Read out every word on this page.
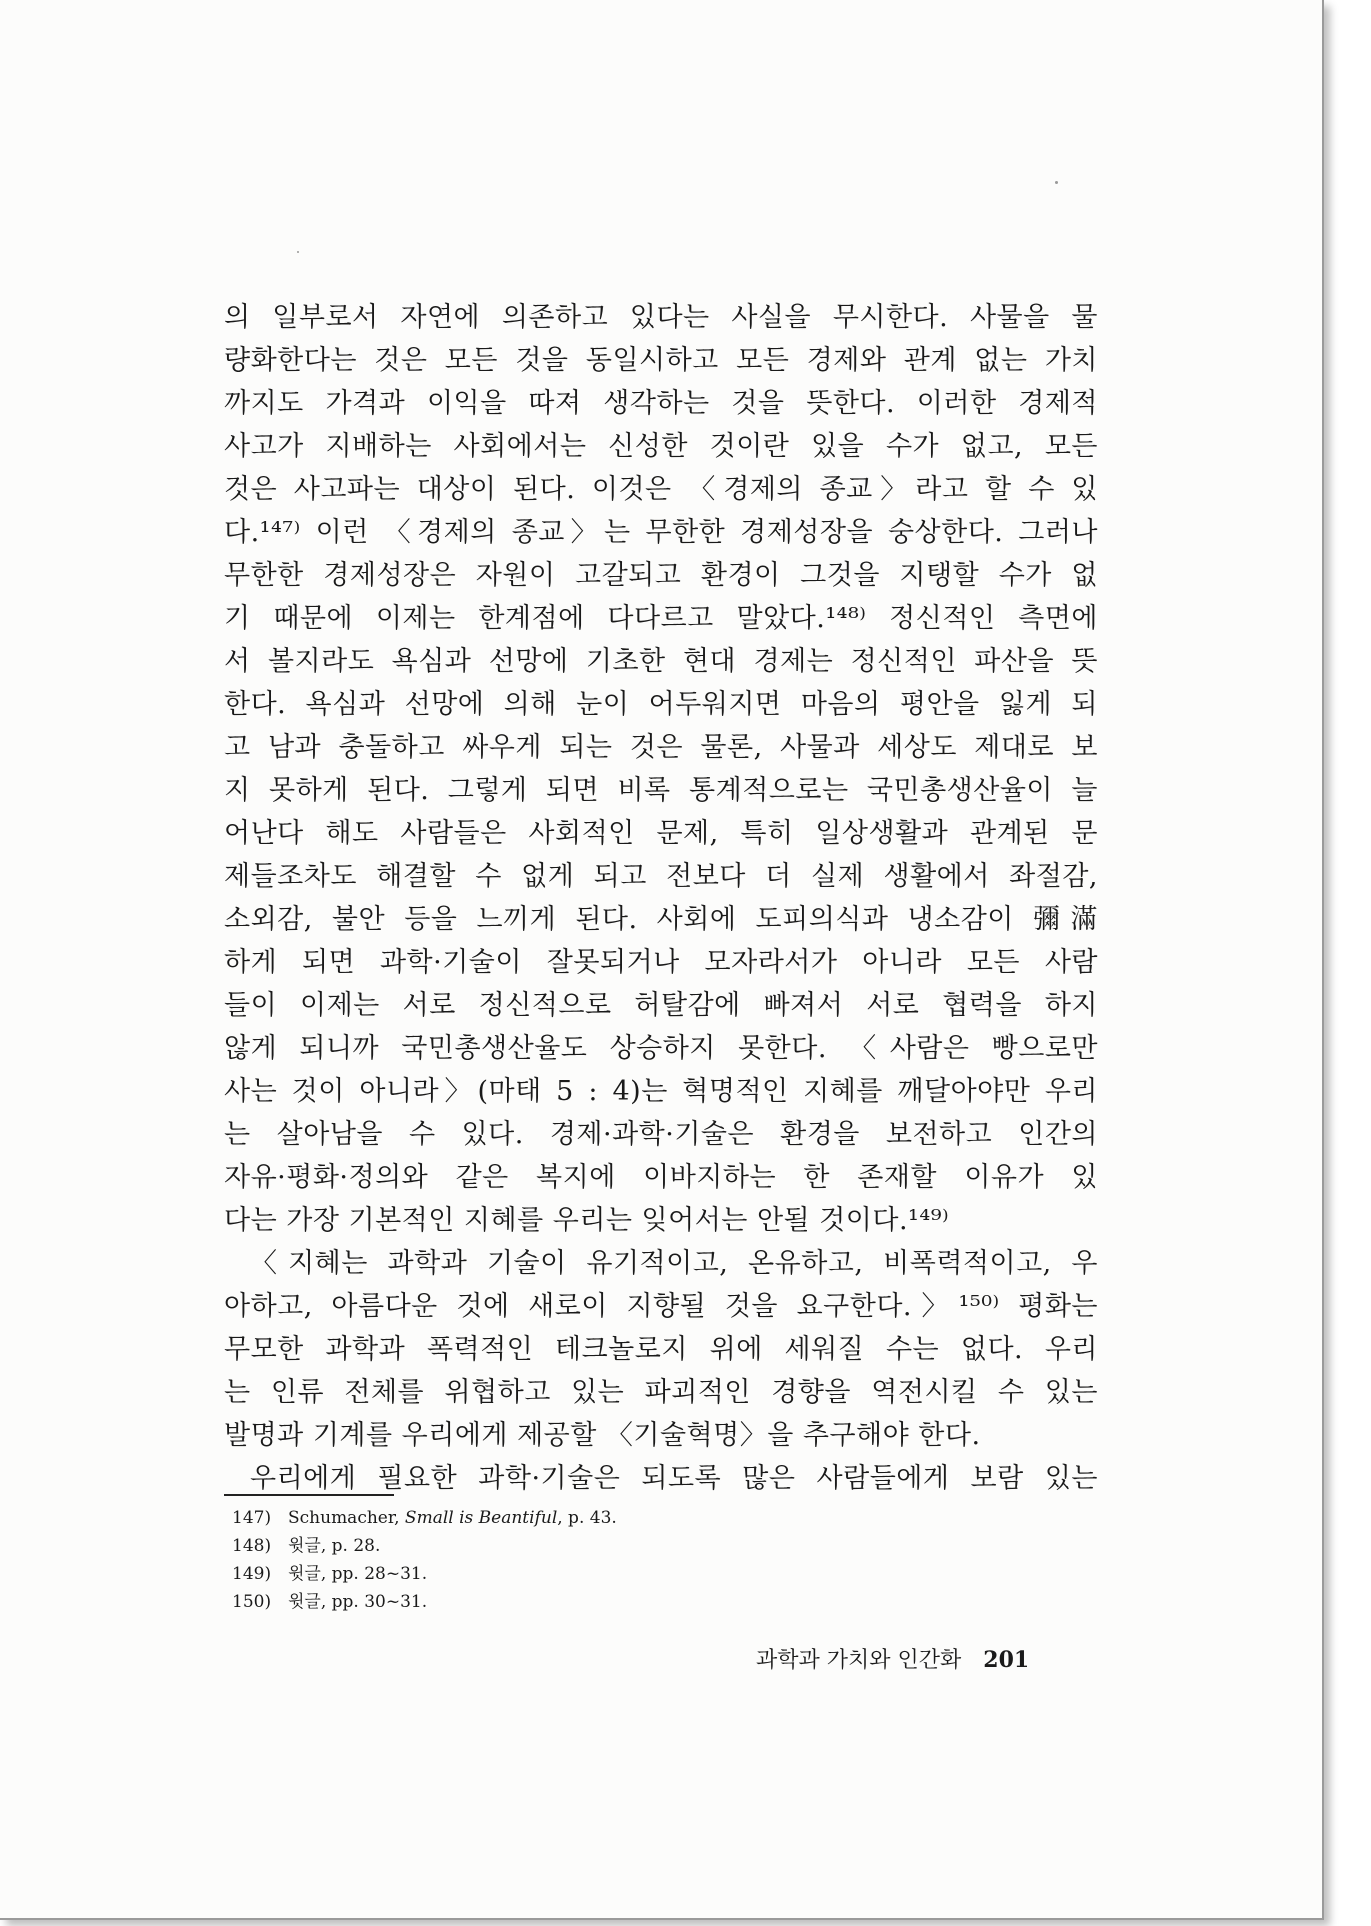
의 일부로서 자연에 의존하고 있다는 사실을 무시한다. 사물을 물
량화한다는 것은 모든 것을 동일시하고 모든 경제와 관계 없는 가치
까지도 가격과 이익을 따져 생각하는 것을 뜻한다. 이러한 경제적
사고가 지배하는 사회에서는 신성한 것이란 있을 수가 없고, 모든
것은 사고파는 대상이 된다. 이것은 〈경제의 종교〉라고 할 수 있
다.¹⁴⁷⁾ 이런 〈경제의 종교〉는 무한한 경제성장을 숭상한다. 그러나
무한한 경제성장은 자원이 고갈되고 환경이 그것을 지탱할 수가 없
기 때문에 이제는 한계점에 다다르고 말았다.¹⁴⁸⁾ 정신적인 측면에
서 볼지라도 욕심과 선망에 기초한 현대 경제는 정신적인 파산을 뜻
한다. 욕심과 선망에 의해 눈이 어두워지면 마음의 평안을 잃게 되
고 남과 충돌하고 싸우게 되는 것은 물론, 사물과 세상도 제대로 보
지 못하게 된다. 그렇게 되면 비록 통계적으로는 국민총생산율이 늘
어난다 해도 사람들은 사회적인 문제, 특히 일상생활과 관계된 문
제들조차도 해결할 수 없게 되고 전보다 더 실제 생활에서 좌절감,
소외감, 불안 등을 느끼게 된다. 사회에 도피의식과 냉소감이 彌滿
하게 되면 과학·기술이 잘못되거나 모자라서가 아니라 모든 사람
들이 이제는 서로 정신적으로 허탈감에 빠져서 서로 협력을 하지
않게 되니까 국민총생산율도 상승하지 못한다. 〈사람은 빵으로만
사는 것이 아니라〉(마태 5 : 4)는 혁명적인 지혜를 깨달아야만 우리
는 살아남을 수 있다. 경제·과학·기술은 환경을 보전하고 인간의
자유·평화·정의와 같은 복지에 이바지하는 한 존재할 이유가 있
다는 가장 기본적인 지혜를 우리는 잊어서는 안될 것이다.¹⁴⁹⁾
〈지혜는 과학과 기술이 유기적이고, 온유하고, 비폭력적이고, 우
아하고, 아름다운 것에 새로이 지향될 것을 요구한다.〉¹⁵⁰⁾ 평화는
무모한 과학과 폭력적인 테크놀로지 위에 세워질 수는 없다. 우리
는 인류 전체를 위협하고 있는 파괴적인 경향을 역전시킬 수 있는
발명과 기계를 우리에게 제공할 〈기술혁명〉을 추구해야 한다.
우리에게 필요한 과학·기술은 되도록 많은 사람들에게 보람 있는
147) Schumacher, Small is Beantiful, p. 43.
148) 윗글, p. 28.
149) 윗글, pp. 28~31.
150) 윗글, pp. 30~31.
과학과 가치와 인간화 201
